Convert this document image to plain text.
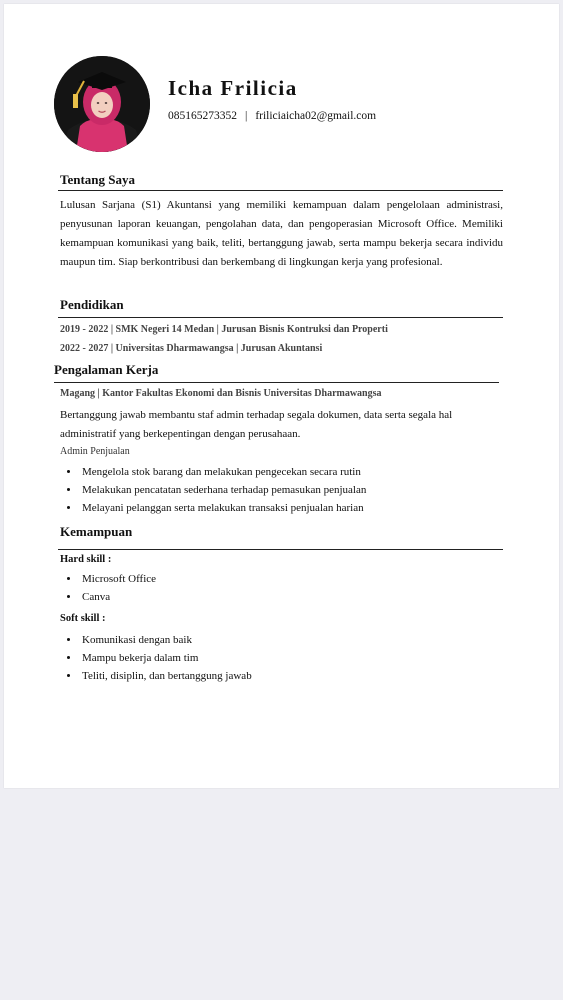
Icha Frilicia
085165273352 | friliciaicha02@gmail.com
Tentang Saya
Lulusan Sarjana (S1) Akuntansi yang memiliki kemampuan dalam pengelolaan administrasi, penyusunan laporan keuangan, pengolahan data, dan pengoperasian Microsoft Office. Memiliki kemampuan komunikasi yang baik, teliti, bertanggung jawab, serta mampu bekerja secara individu maupun tim. Siap berkontribusi dan berkembang di lingkungan kerja yang profesional.
Pendidikan
2019 - 2022 | SMK Negeri 14 Medan | Jurusan Bisnis Kontruksi dan Properti
2022 - 2027 | Universitas Dharmawangsa | Jurusan Akuntansi
Pengalaman Kerja
Magang | Kantor Fakultas Ekonomi dan Bisnis Universitas Dharmawangsa
Bertanggung jawab membantu staf admin terhadap segala dokumen, data serta segala hal administratif yang berkepentingan dengan perusahaan.
Admin Penjualan
• Mengelola stok barang dan melakukan pengecekan secara rutin
• Melakukan pencatatan sederhana terhadap pemasukan penjualan
• Melayani pelanggan serta melakukan transaksi penjualan harian
Kemampuan
Hard skill :
• Microsoft Office
• Canva
Soft skill :
• Komunikasi dengan baik
• Mampu bekerja dalam tim
• Teliti, disiplin, dan bertanggung jawab
